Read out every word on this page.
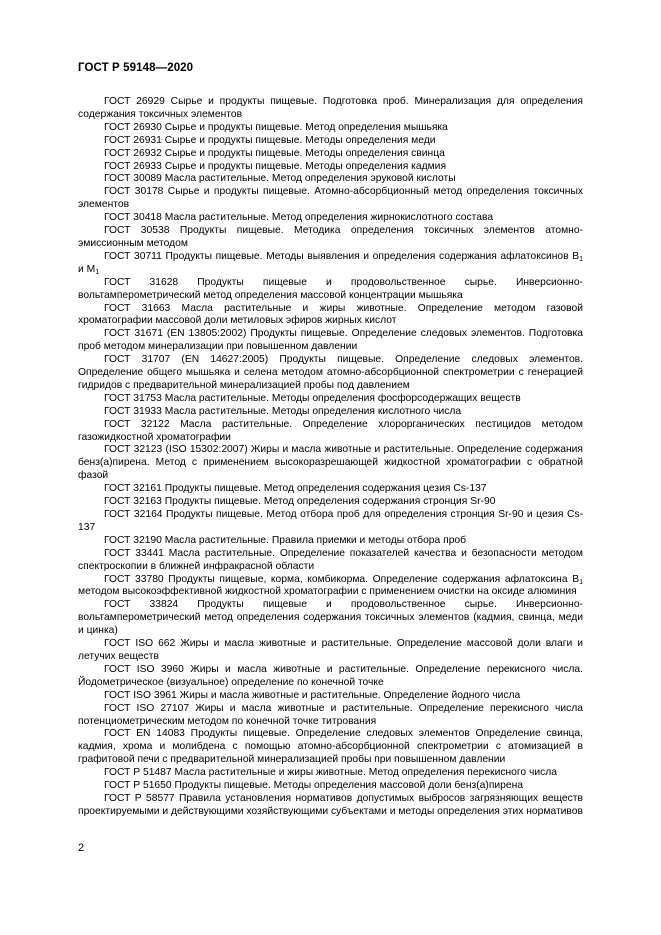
ГОСТ Р 59148—2020

ГОСТ 26929 Сырье и продукты пищевые. Подготовка проб. Минерализация для определения содержания токсичных элементов

ГОСТ 26930 Сырье и продукты пищевые. Метод определения мышьяка

ГОСТ 26931 Сырье и продукты пищевые. Методы определения меди

ГОСТ 26932 Сырье и продукты пищевые. Методы определения свинца

ГОСТ 26933 Сырье и продукты пищевые. Методы определения кадмия

ГОСТ 30089 Масла растительные. Метод определения эруковой кислоты

ГОСТ 30178 Сырье и продукты пищевые. Атомно-абсорбционный метод определения токсичных элементов

ГОСТ 30418 Масла растительные. Метод определения жирнокислотного состава

ГОСТ 30538 Продукты пищевые. Методика определения токсичных элементов атомно-эмиссионным методом

ГОСТ 30711 Продукты пищевые. Методы выявления и определения содержания афлатоксинов $B_1$ и $M_1$

ГОСТ 31628 Продукты пищевые и продовольственное сырье. Инверсионно-вольтамперометрический метод определения массовой концентрации мышьяка

ГОСТ 31663 Масла растительные и жиры животные. Определение методом газовой хроматографии массовой доли метиловых эфиров жирных кислот

ГОСТ 31671 (EN 13805:2002) Продукты пищевые. Определение следовых элементов. Подготовка проб методом минерализации при повышенном давлении

ГОСТ 31707 (EN 14627:2005) Продукты пищевые. Определение следовых элементов. Определение общего мышьяка и селена методом атомно-абсорбционной спектрометрии с генерацией гидридов с предварительной минерализацией пробы под давлением

ГОСТ 31753 Масла растительные. Методы определения фосфорсодержащих веществ

ГОСТ 31933 Масла растительные. Методы определения кислотного числа

ГОСТ 32122 Масла растительные. Определение хлорорганических пестицидов методом газожидкостной хроматографии

ГОСТ 32123 (ISO 15302:2007) Жиры и масла животные и растительные. Определение содержания бенз(а)пирена. Метод с применением высокоразрешающей жидкостной хроматографии с обратной фазой

ГОСТ 32161 Продукты пищевые. Метод определения содержания цезия Cs-137

ГОСТ 32163 Продукты пищевые. Метод определения содержания стронция Sr-90

ГОСТ 32164 Продукты пищевые. Метод отбора проб для определения стронция Sr-90 и цезия Cs-137

ГОСТ 32190 Масла растительные. Правила приемки и методы отбора проб

ГОСТ 33441 Масла растительные. Определение показателей качества и безопасности методом спектроскопии в ближней инфракрасной области

ГОСТ 33780 Продукты пищевые, корма, комбикорма. Определение содержания афлатоксина $B_1$ методом высокоэффективной жидкостной хроматографии с применением очистки на оксиде алюминия

ГОСТ 33824 Продукты пищевые и продовольственное сырье. Инверсионно-вольтамперометрический метод определения содержания токсичных элементов (кадмия, свинца, меди и цинка)

ГОСТ ISO 662 Жиры и масла животные и растительные. Определение массовой доли влаги и летучих веществ

ГОСТ ISO 3960 Жиры и масла животные и растительные. Определение перекисного числа. Йодометрическое (визуальное) определение по конечной точке

ГОСТ ISO 3961 Жиры и масла животные и растительные. Определение йодного числа

ГОСТ ISO 27107 Жиры и масла животные и растительные. Определение перекисного числа потенциометрическим методом по конечной точке титрования

ГОСТ EN 14083 Продукты пищевые. Определение следовых элементов Определение свинца, кадмия, хрома и молибдена с помощью атомно-абсорбционной спектрометрии с атомизацией в графитовой печи с предварительной минерализацией пробы при повышенном давлении

ГОСТ Р 51487 Масла растительные и жиры животные. Метод определения перекисного числа

ГОСТ Р 51650 Продукты пищевые. Методы определения массовой доли бенз(а)пирена

ГОСТ Р 58577 Правила установления нормативов допустимых выбросов загрязняющих веществ проектируемыми и действующими хозяйствующими субъектами и методы определения этих нормативов

2
